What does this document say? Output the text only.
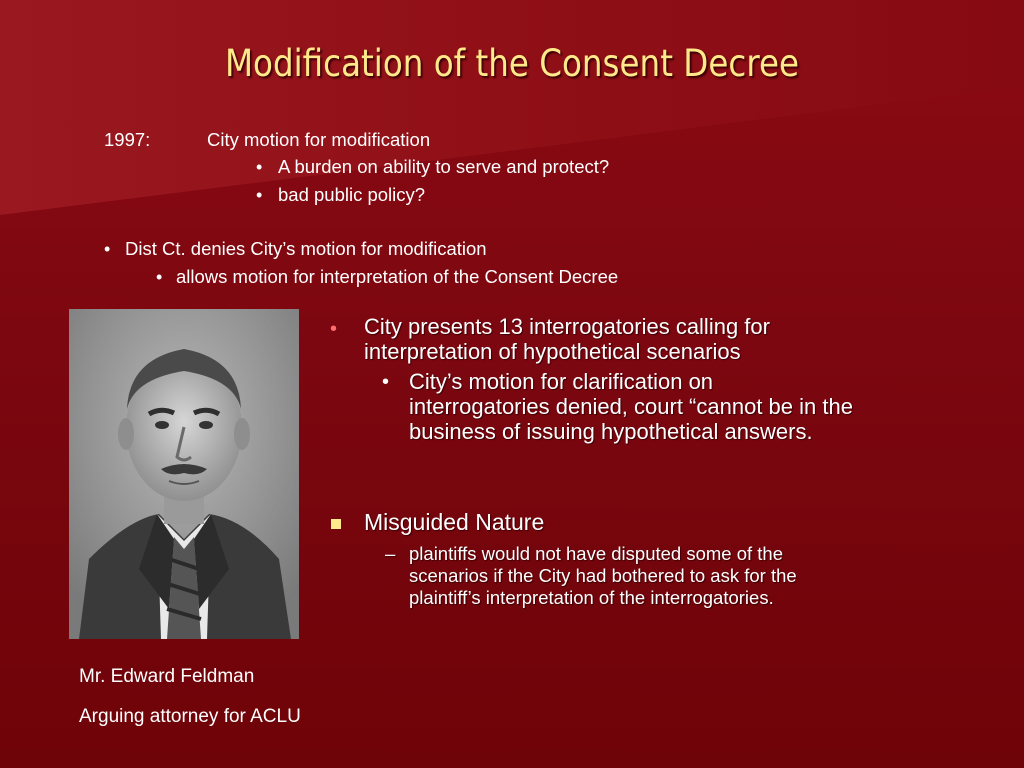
Modification of the Consent Decree
1997:	City motion for modification
• A burden on ability to serve and protect?
• bad public policy?
• Dist Ct. denies City’s motion for modification
• allows motion for interpretation of the Consent Decree
• City presents 13 interrogatories calling for
interpretation of hypothetical scenarios
• City’s motion for clarification on
interrogatories denied, court “cannot be in the
business of issuing hypothetical answers.
Misguided Nature
– plaintiffs would not have disputed some of the
scenarios if the City had bothered to ask for the
plaintiff’s interpretation of the interrogatories.
Mr. Edward Feldman
Arguing attorney for ACLU
